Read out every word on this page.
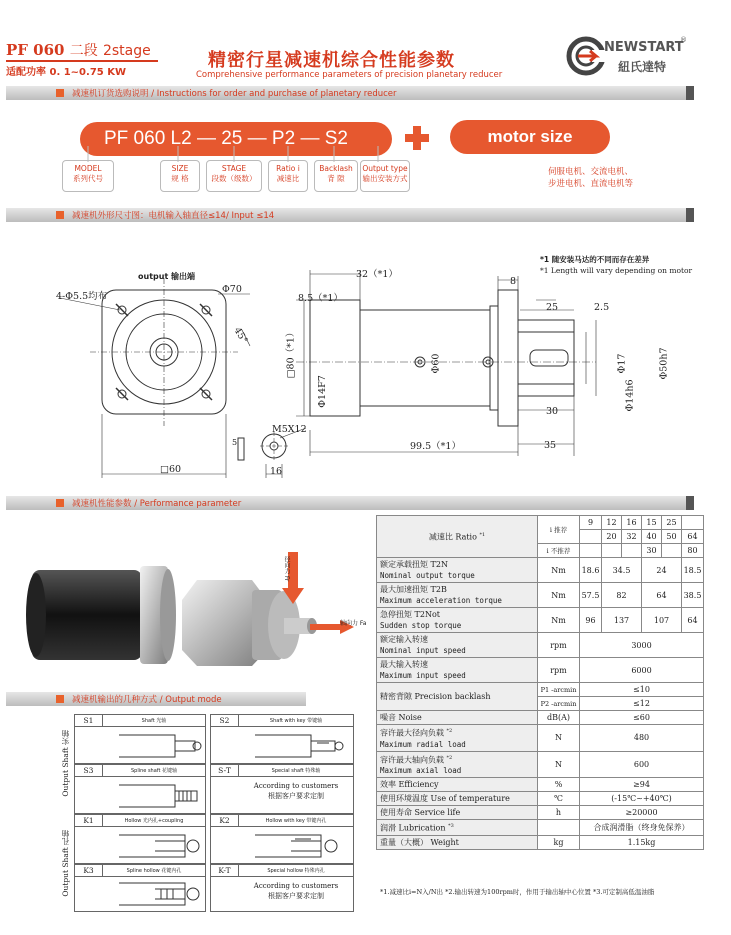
PF 060 二段 2stage
适配功率 0. 1~0.75 KW
精密行星减速机综合性能参数
Comprehensive performance parameters of precision planetary reducer
NEWSTART
®
紐氏達特
减速机订货选购说明 / Instructions for order and purchase of planetary reducer
PF 060 L2 — 25 — P2 — S2	motor size
MODEL
系列代号
SIZE
规 格
STAGE
段数（级数）
Ratio i
减速比
Backlash
背 隙
Output type
输出安装方式
伺服电机、交流电机、
步进电机、直流电机等
减速机外形尺寸图：电机输入轴直径≤14/ Input ≤14
output 输出端
4-Φ5.5均布
Φ70
45°
□60
M5X12
5
16
32（*1）
8
8.5（*1）
25	2.5
□80（*1）	Φ60
Φ14F7
Φ17	Φ50h7
Φ14h6
30
99.5（*1）	35
*1 随安装马达的不同而存在差异
*1 Length will vary depending on motor
减速机性能参数 / Performance parameter
径向力 Fr
轴向力 Fa
减速比 Ratio $^{*1}$	i 推荐	9	12	16	15	25	
			20	32	40	50	64
	i 不推荐				30		80

额定承载扭矩 T2N
Nominal output torque	Nm	18.6	34.5		24		18.5

最大加速扭矩 T2B
Maximum acceleration torque	Nm	57.5	82		64		38.5

急停扭矩 T2Not
Sudden stop torque	Nm	96	137		107		64

额定输入转速
Nominal input speed	rpm	3000					

最大输入转速
Maximum input speed	rpm	6000					
精密背隙 Precision backlash	P1 -arcmin	≤10					
	P2 -arcmin	≤12					
噪音 Noise	dB(A)	≤60					

容许最大径向负载 $^{*2}$
Maximum radial load	N	480					

容许最大轴向负载 $^{*2}$
Maximum axial load	N	600					
效率 Efficiency	%	≥94					
使用环境温度 Use of temperature	℃	(-15℃~+40℃)					
使用寿命 Service life	h	≥20000					
润滑 Lubrication $^{*3}$		合成润滑脂（终身免保养）					
重量（大概） Weight	kg	1.15kg					
*1.减速比i=N入/N出 *2.输出转速为100rpm时，作用于输出轴中心位置 *3.可定制高低温油脂
减速机输出的几种方式 / Output mode
Output Shaft 实轴
Output Shaft 孔轴
S1	Shaft 光轴	S2	Shaft with key 带键轴
S3	Spline shaft 花键轴	S-T	Special shaft 特殊轴
According to customers
根据客户要求定制
K1	Hollow 光内孔+coupling	K2	Hollow with key 带键内孔
K3	Spline hollow 花键内孔	K-T	Special hollow 特殊内孔
According to customers
根据客户要求定制
